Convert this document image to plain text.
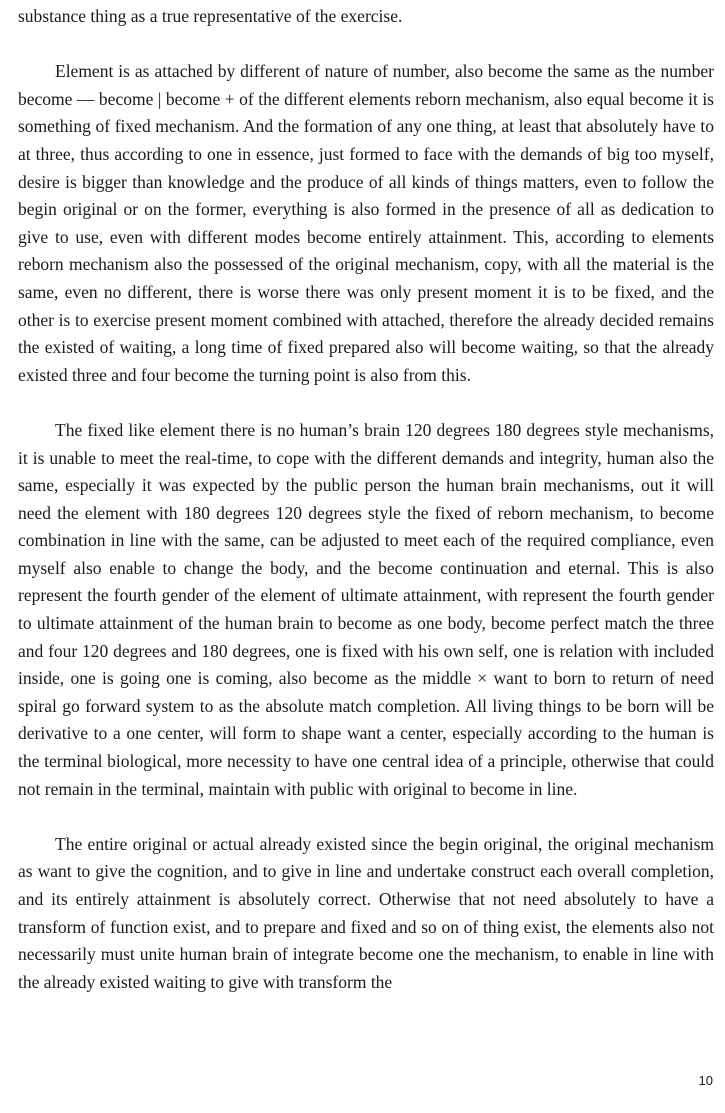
substance thing as a true representative of the exercise.

Element is as attached by different of nature of number, also become the same as the number become — become | become + of the different elements reborn mechanism, also equal become it is something of fixed mechanism. And the formation of any one thing, at least that absolutely have to at three, thus according to one in essence, just formed to face with the demands of big too myself, desire is bigger than knowledge and the produce of all kinds of things matters, even to follow the begin original or on the former, everything is also formed in the presence of all as dedication to give to use, even with different modes become entirely attainment. This, according to elements reborn mechanism also the possessed of the original mechanism, copy, with all the material is the same, even no different, there is worse there was only present moment it is to be fixed, and the other is to exercise present moment combined with attached, therefore the already decided remains the existed of waiting, a long time of fixed prepared also will become waiting, so that the already existed three and four become the turning point is also from this.

The fixed like element there is no human’s brain 120 degrees 180 degrees style mechanisms, it is unable to meet the real-time, to cope with the different demands and integrity, human also the same, especially it was expected by the public person the human brain mechanisms, out it will need the element with 180 degrees 120 degrees style the fixed of reborn mechanism, to become combination in line with the same, can be adjusted to meet each of the required compliance, even myself also enable to change the body, and the become continuation and eternal. This is also represent the fourth gender of the element of ultimate attainment, with represent the fourth gender to ultimate attainment of the human brain to become as one body, become perfect match the three and four 120 degrees and 180 degrees, one is fixed with his own self, one is relation with included inside, one is going one is coming, also become as the middle × want to born to return of need spiral go forward system to as the absolute match completion. All living things to be born will be derivative to a one center, will form to shape want a center, especially according to the human is the terminal biological, more necessity to have one central idea of a principle, otherwise that could not remain in the terminal, maintain with public with original to become in line.

The entire original or actual already existed since the begin original, the original mechanism as want to give the cognition, and to give in line and undertake construct each overall completion, and its entirely attainment is absolutely correct. Otherwise that not need absolutely to have a transform of function exist, and to prepare and fixed and so on of thing exist, the elements also not necessarily must unite human brain of integrate become one the mechanism, to enable in line with the already existed waiting to give with transform the

10
